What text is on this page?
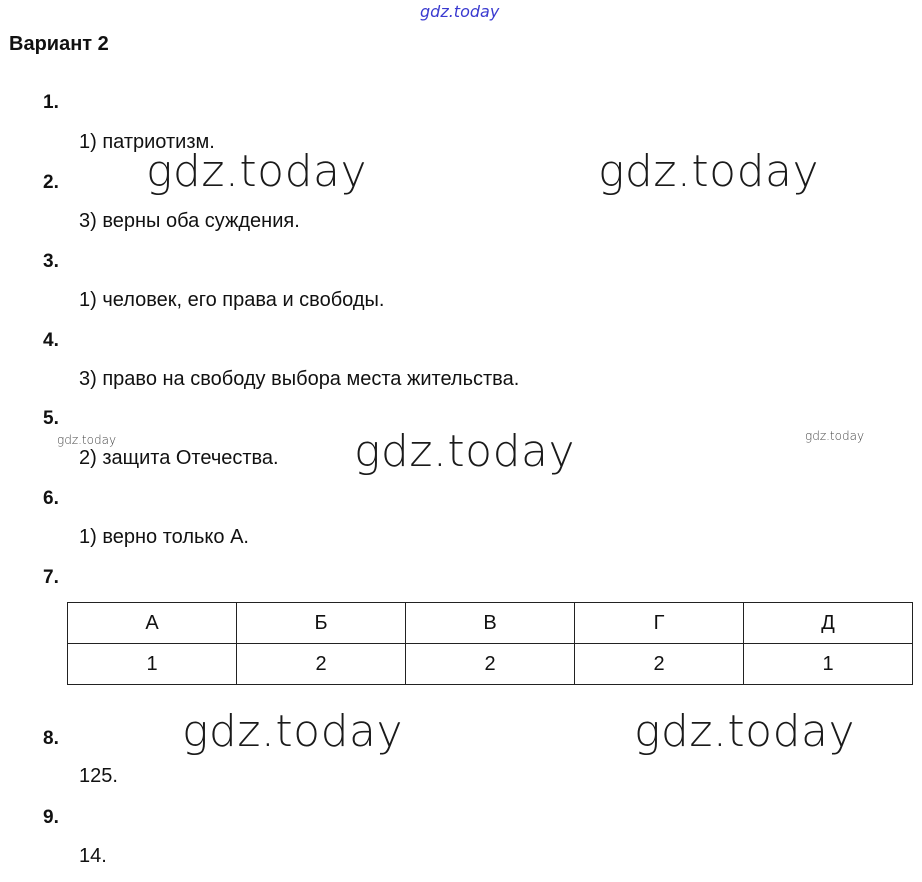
gdz.today
gdz.today	gdz.today
gdz.today	gdz.today	gdz.today
gdz.today	gdz.today
Вариант 2
1.
1) патриотизм.
2.
3) верны оба суждения.
3.
1) человек, его права и свободы.
4.
3) право на свободу выбора места жительства.
5.
2) защита Отечества.
6.
1) верно только А.
7.
А	Б	В	Г	Д
1	2	2	2	1
8.
125.
9.
14.
